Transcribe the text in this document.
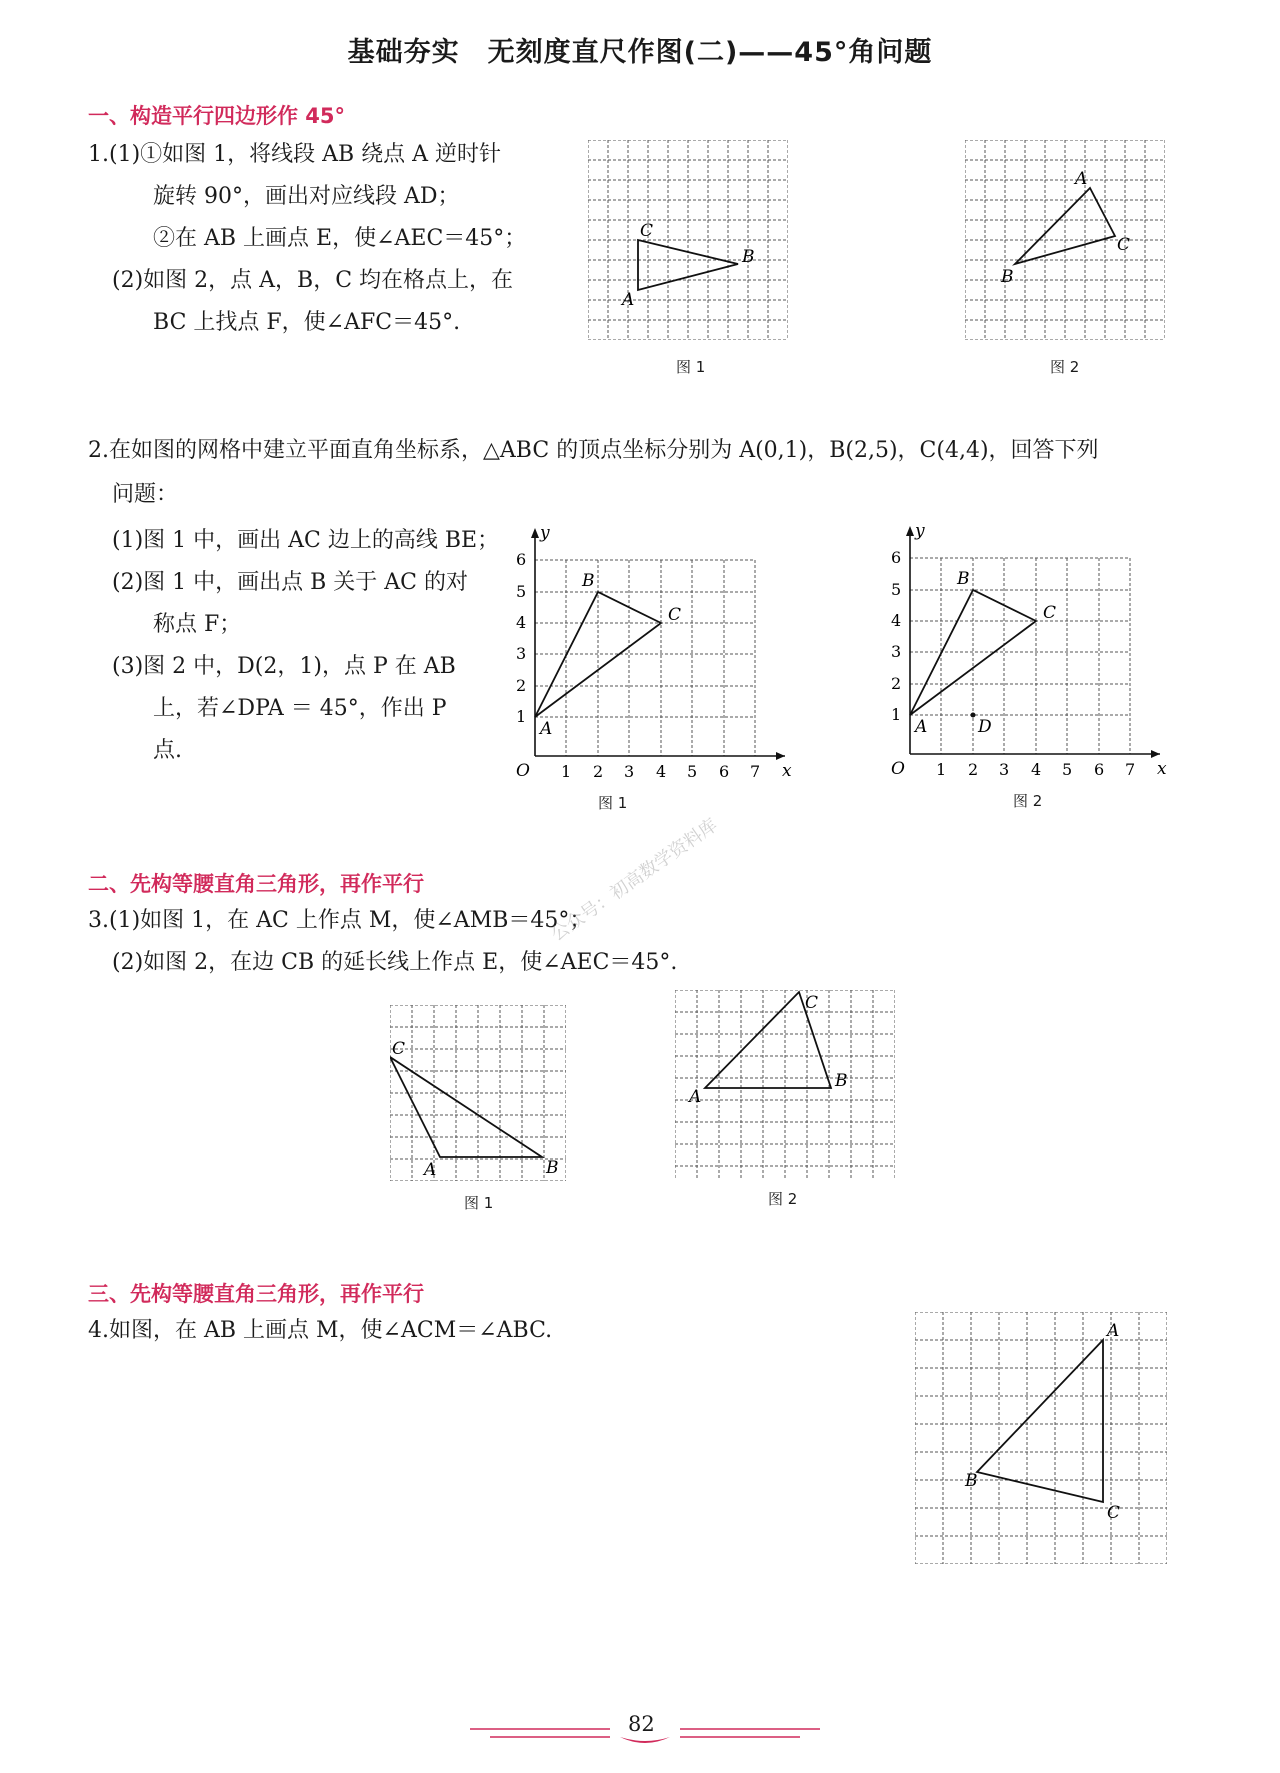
基础夯实　无刻度直尺作图(二)——45°角问题
一、构造平行四边形作 45°
1.(1)①如图 1，将线段 AB 绕点 A 逆时针
旋转 90°，画出对应线段 AD；
②在 AB 上画点 E，使∠AEC＝45°；
(2)如图 2，点 A，B，C 均在格点上，在
BC 上找点 F，使∠AFC＝45°.
A
C
B
图 1
B
A
C
图 2
2.在如图的网格中建立平面直角坐标系，△ABC 的顶点坐标分别为 A(0,1)，B(2,5)，C(4,4)，回答下列
问题：
(1)图 1 中，画出 AC 边上的高线 BE；
(2)图 1 中，画出点 B 关于 AC 的对
称点 F；
(3)图 2 中，D(2，1)，点 P 在 AB
上，若∠DPA ＝ 45°，作出 P
点.
y
x
O 1 2 3 4 5 6 7
1
2
3
4
5
6
A
B
C
图 1
y
x
O 1 2 3 4 5 6 7
1
2
3
4
5
6
A
B
C
D
图 2
二、先构等腰直角三角形，再作平行
3.(1)如图 1，在 AC 上作点 M，使∠AMB＝45°；
(2)如图 2，在边 CB 的延长线上作点 E，使∠AEC＝45°.
C
A	B
图 1
A
C
B
图 2
三、先构等腰直角三角形，再作平行
4.如图，在 AB 上画点 M，使∠ACM＝∠ABC.	A
B
C
公众号：初高数学资料库
82
